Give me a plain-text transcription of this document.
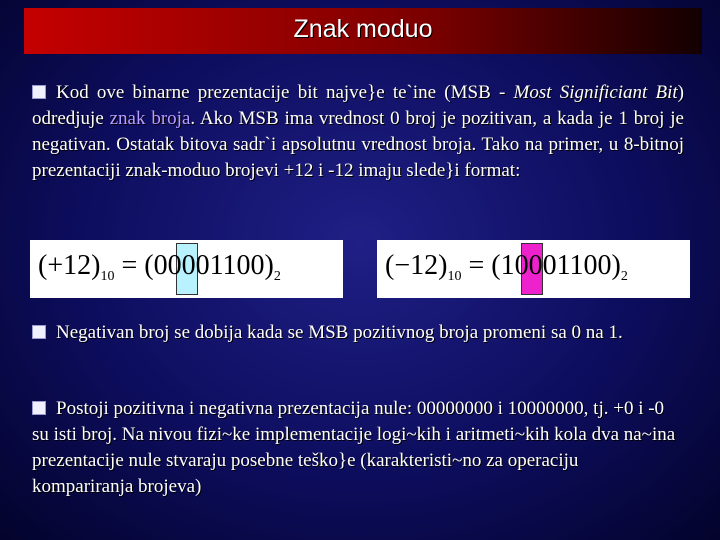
Znak moduo
Kod ove binarne prezentacije bit najve}e te`ine (MSB - Most Significiant Bit) odredjuje znak broja. Ako MSB ima vrednost 0 broj je pozitivan, a kada je 1 broj je negativan. Ostatak bitova sadr`i apsolutnu vrednost broja. Tako na primer, u 8-bitnoj prezentaciji znak-moduo brojevi +12 i -12 imaju slede}i format:
$(+12)_{10} = (00001100)_2$	$(-12)_{10} = (10001100)_2$
Negativan broj se dobija kada se MSB pozitivnog broja promeni sa 0 na 1.
Postoji pozitivna i negativna prezentacija nule: 00000000 i 10000000, tj. +0 i -0 su isti broj. Na nivou fizi~ke implementacije logi~kih i aritmeti~kih kola dva na~ina prezentacije nule stvaraju posebne teško}e (karakteristi~no za operaciju kompariranja brojeva)
